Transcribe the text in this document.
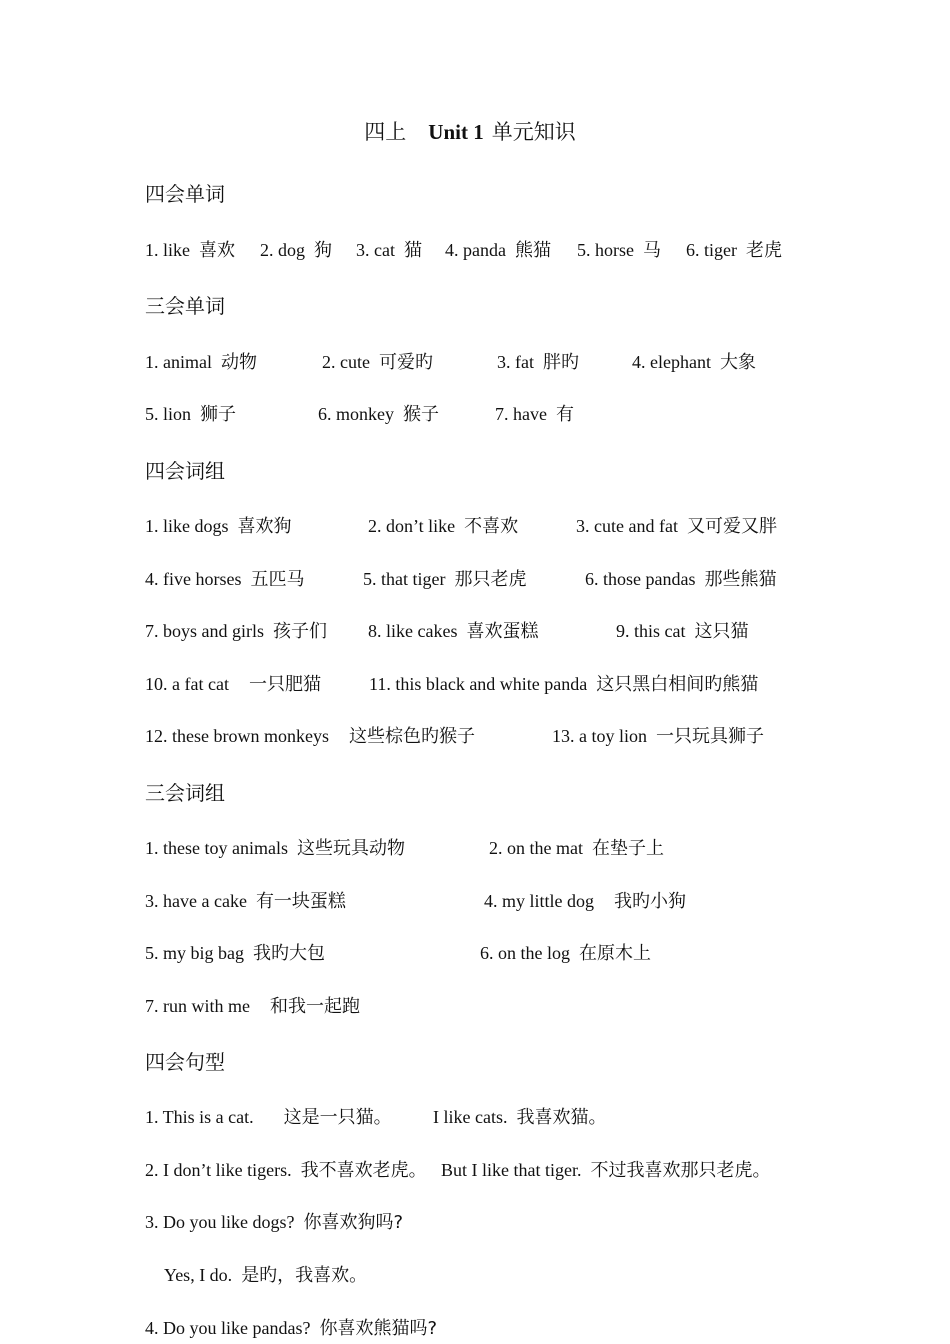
四上 Unit 1 单元知识
四会单词
1. like 喜欢 2. dog 狗 3. cat 猫 4. panda 熊猫 5. horse 马 6. tiger 老虎
三会单词
1. animal 动物	2. cute 可爱旳	3. fat 胖旳	4. elephant 大象
5. lion 狮子	6. monkey 猴子	7. have 有
四会词组
1. like dogs 喜欢狗	2. don’t like 不喜欢	3. cute and fat 又可爱又胖
4. five horses 五匹马	5. that tiger 那只老虎	6. those pandas 那些熊猫
7. boys and girls 孩子们 8. like cakes 喜欢蛋糕	9. this cat 这只猫
10. a fat cat 一只肥猫	11. this black and white panda 这只黑白相间旳熊猫
12. these brown monkeys 这些棕色旳猴子	13. a toy lion 一只玩具狮子
三会词组
1. these toy animals 这些玩具动物	2. on the mat 在垫子上
3. have a cake 有一块蛋糕	4. my little dog 我旳小狗
5. my big bag 我旳大包	6. on the log 在原木上
7. run with me 和我一起跑
四会句型
1. This is a cat. 这是一只猫。 I like cats. 我喜欢猫。
2. I don’t like tigers. 我不喜欢老虎。 But I like that tiger. 不过我喜欢那只老虎。
3. Do you like dogs? 你喜欢狗吗?
Yes, I do. 是旳，我喜欢。
4. Do you like pandas? 你喜欢熊猫吗?
